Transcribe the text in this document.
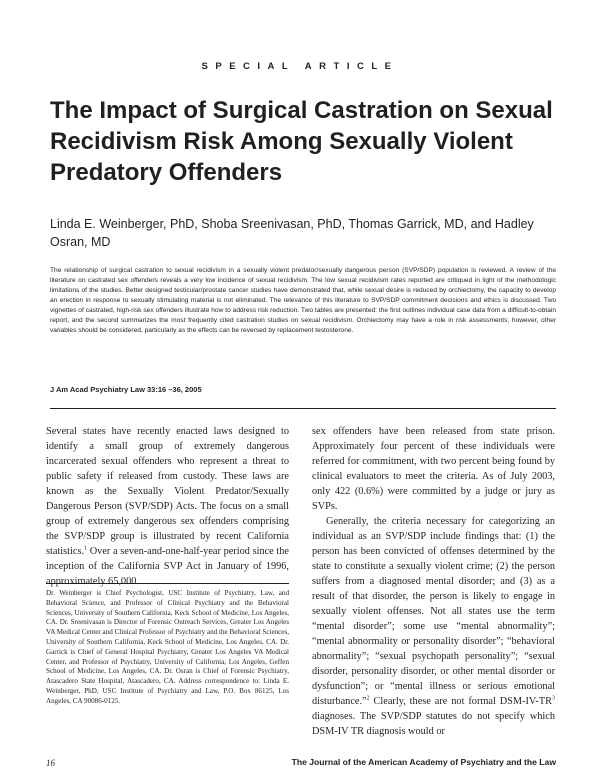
SPECIAL ARTICLE
The Impact of Surgical Castration on Sexual Recidivism Risk Among Sexually Violent Predatory Offenders

Linda E. Weinberger, PhD, Shoba Sreenivasan, PhD, Thomas Garrick, MD, and Hadley Osran, MD

The relationship of surgical castration to sexual recidivism in a sexually violent predator/sexually dangerous person (SVP/SDP) population is reviewed. A review of the literature on castrated sex offenders reveals a very low incidence of sexual recidivism. The low sexual recidivism rates reported are critiqued in light of the methodologic limitations of the studies. Better designed testicular/prostate cancer studies have demonstrated that, while sexual desire is reduced by orchiectomy, the capacity to develop an erection in response to sexually stimulating material is not eliminated. The relevance of this literature to SVP/SDP commitment decisions and ethics is discussed. Two vignettes of castrated, high-risk sex offenders illustrate how to address risk reduction. Two tables are presented: the first outlines individual case data from a difficult-to-obtain report, and the second summarizes the most frequently cited castration studies on sexual recidivism. Orchiectomy may have a role in risk assessments; however, other variables should be considered, particularly as the effects can be reversed by replacement testosterone.

J Am Acad Psychiatry Law 33:16 –36, 2005

Several states have recently enacted laws designed to identify a small group of extremely dangerous incarcerated sexual offenders who represent a threat to public safety if released from custody. These laws are known as the Sexually Violent Predator/Sexually Dangerous Person (SVP/SDP) Acts. The focus on a small group of extremely dangerous sex offenders comprising the SVP/SDP group is illustrated by recent California statistics.$^1$ Over a seven-and-one-half-year period since the inception of the California SVP Act in January of 1996, approximately 65,000

Dr. Weinberger is Chief Psychologist, USC Institute of Psychiatry, Law, and Behavioral Science, and Professor of Clinical Psychiatry and the Behavioral Sciences, University of Southern California, Keck School of Medicine, Los Angeles, CA. Dr. Sreenivasan is Director of Forensic Outreach Services, Greater Los Angeles VA Medical Center and Clinical Professor of Psychiatry and the Behavioral Sciences, University of Southern California, Keck School of Medicine, Los Angeles, CA. Dr. Garrick is Chief of General Hospital Psychiatry, Greater Los Angeles VA Medical Center, and Professor of Psychiatry, University of California, Los Angeles, Geffen School of Medicine, Los Angeles, CA. Dr. Osran is Chief of Forensic Psychiatry, Atascadero State Hospital, Atascadero, CA. Address correspondence to: Linda E. Weinberger, PhD, USC Institute of Psychiatry and Law, P.O. Box 86125, Los Angeles, CA 90086-0125.

sex offenders have been released from state prison. Approximately four percent of these individuals were referred for commitment, with two percent being found by clinical evaluators to meet the criteria. As of July 2003, only 422 (0.6%) were committed by a judge or jury as SVPs.

Generally, the criteria necessary for categorizing an individual as an SVP/SDP include findings that: (1) the person has been convicted of offenses determined by the state to constitute a sexually violent crime; (2) the person suffers from a diagnosed mental disorder; and (3) as a result of that disorder, the person is likely to engage in sexually violent offenses. Not all states use the term “mental disorder”; some use “mental abnormality”; “mental abnormality or personality disorder”; “behavioral abnormality”; “sexual psychopath personality”; “sexual disorder, personality disorder, or other mental disorder or dysfunction”; or “mental illness or serious emotional disturbance.”$^2$ Clearly, these are not formal DSM-$IV-TR^3$ diagnoses. The SVP/SDP statutes do not specify which DSM-IV TR diagnosis would or

16	The Journal of the American Academy of Psychiatry and the Law
